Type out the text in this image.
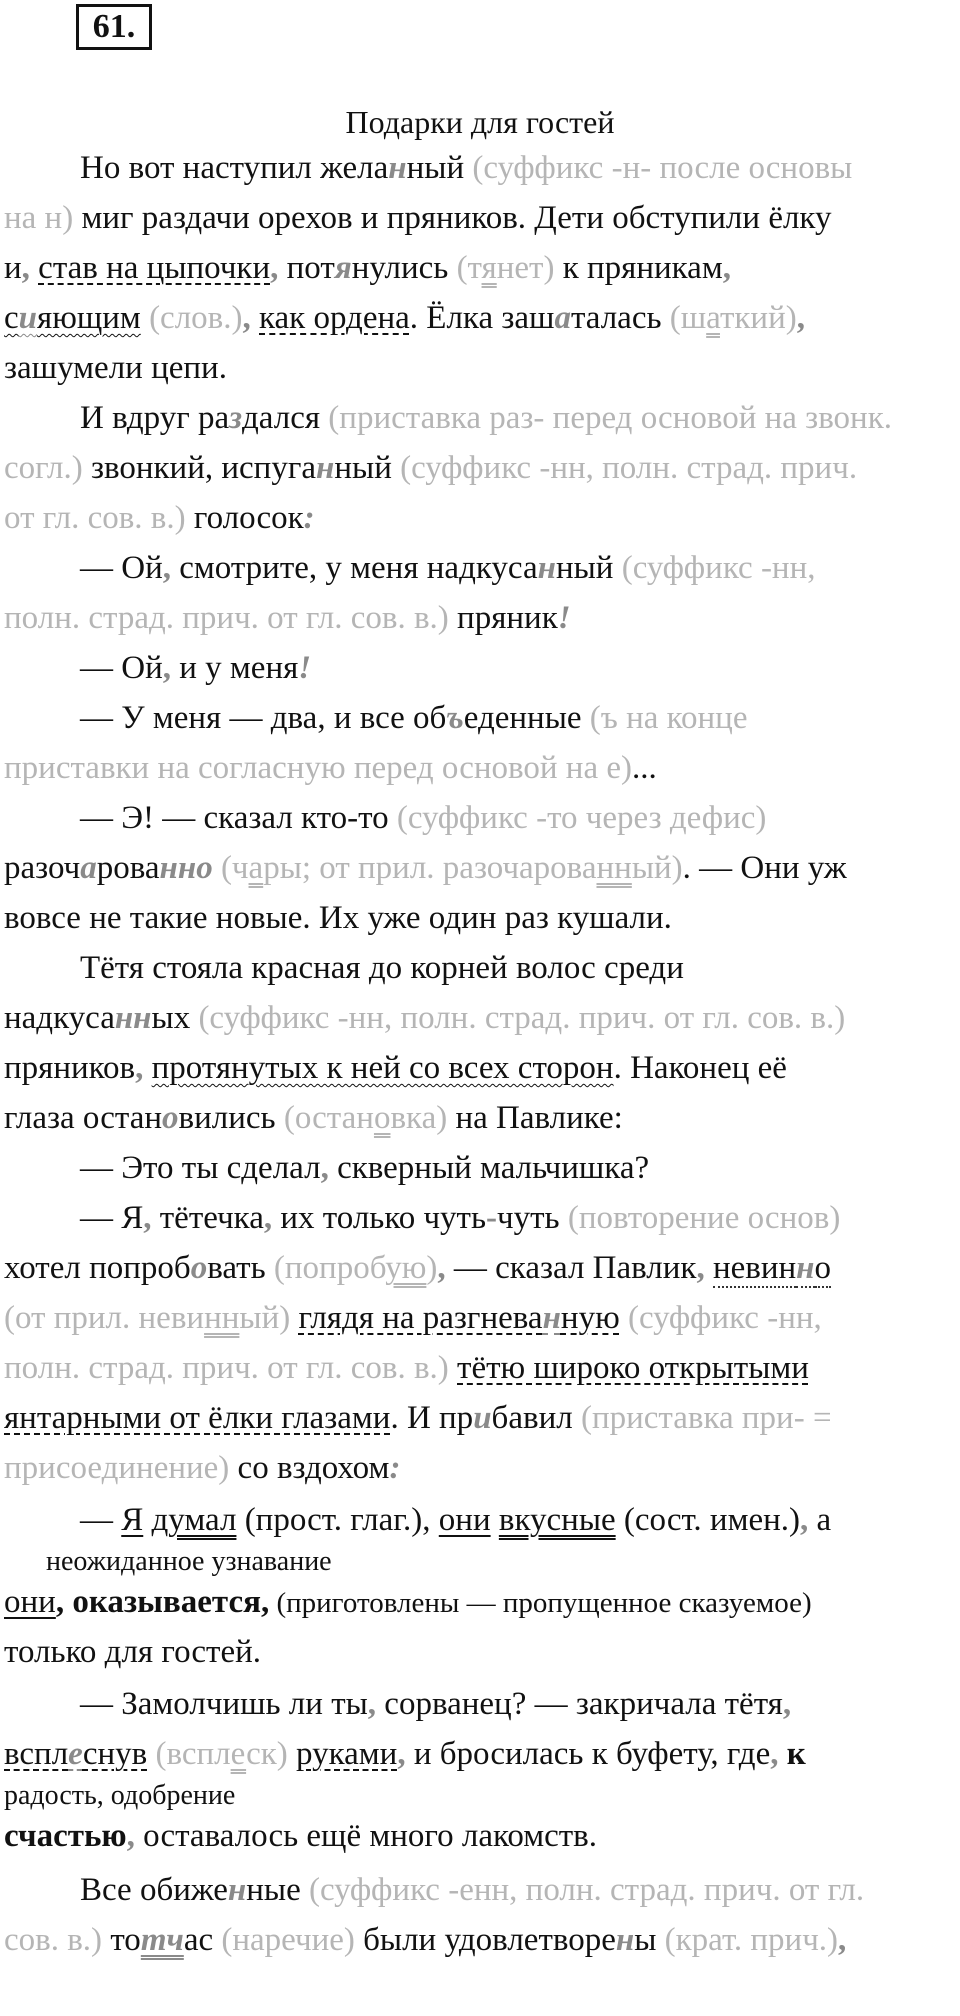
61.
Подарки для гостей
Но вот наступил желанный (суффикс -н- после основы
на н) миг раздачи орехов и пряников. Дети обступили ёлку
и, став на цыпочки, потянулись (тянет) к пряникам,
сияющим (слов.), как ордена. Ёлка зашаталась (шаткий),
зашумели цепи.
И вдруг раздался (приставка раз- перед основой на звонк.
согл.) звонкий, испуганный (суффикс -нн, полн. страд. прич.
от гл. сов. в.) голосок:
— Ой, смотрите, у меня надкусанный (суффикс -нн,
полн. страд. прич. от гл. сов. в.) пряник!
— Ой, и у меня!
— У меня — два, и все объеденные (ъ на конце
приставки на согласную перед основой на е)...
— Э! — сказал кто-то (суффикс -то через дефис)
разочарованно (чары; от прил. разочарованный). — Они уж
вовсе не такие новые. Их уже один раз кушали.
Тётя стояла красная до корней волос среди
надкусанных (суффикс -нн, полн. страд. прич. от гл. сов. в.)
пряников, протянутых к ней со всех сторон. Наконец её
глаза остановились (остановка) на Павлике:
— Это ты сделал, скверный мальчишка?
— Я, тётечка, их только чуть-чуть (повторение основ)
хотел попробовать (попробую), — сказал Павлик, невинно
(от прил. невинный) глядя на разгневанную (суффикс -нн,
полн. страд. прич. от гл. сов. в.) тётю широко открытыми
янтарными от ёлки глазами. И прибавил (приставка при- =
присоединение) со вздохом:
— Я думал (прост. глаг.), они вкусные (сост. имен.), а
неожиданное узнавание
они, оказывается, (приготовлены — пропущенное сказуемое)
только для гостей.
— Замолчишь ли ты, сорванец? — закричала тётя,
всплеснув (всплеск) руками, и бросилась к буфету, где, к
радость, одобрение
счастью, оставалось ещё много лакомств.
Все обиженные (суффикс -енн, полн. страд. прич. от гл.
сов. в.) тотчас (наречие) были удовлетворены (крат. прич.),
